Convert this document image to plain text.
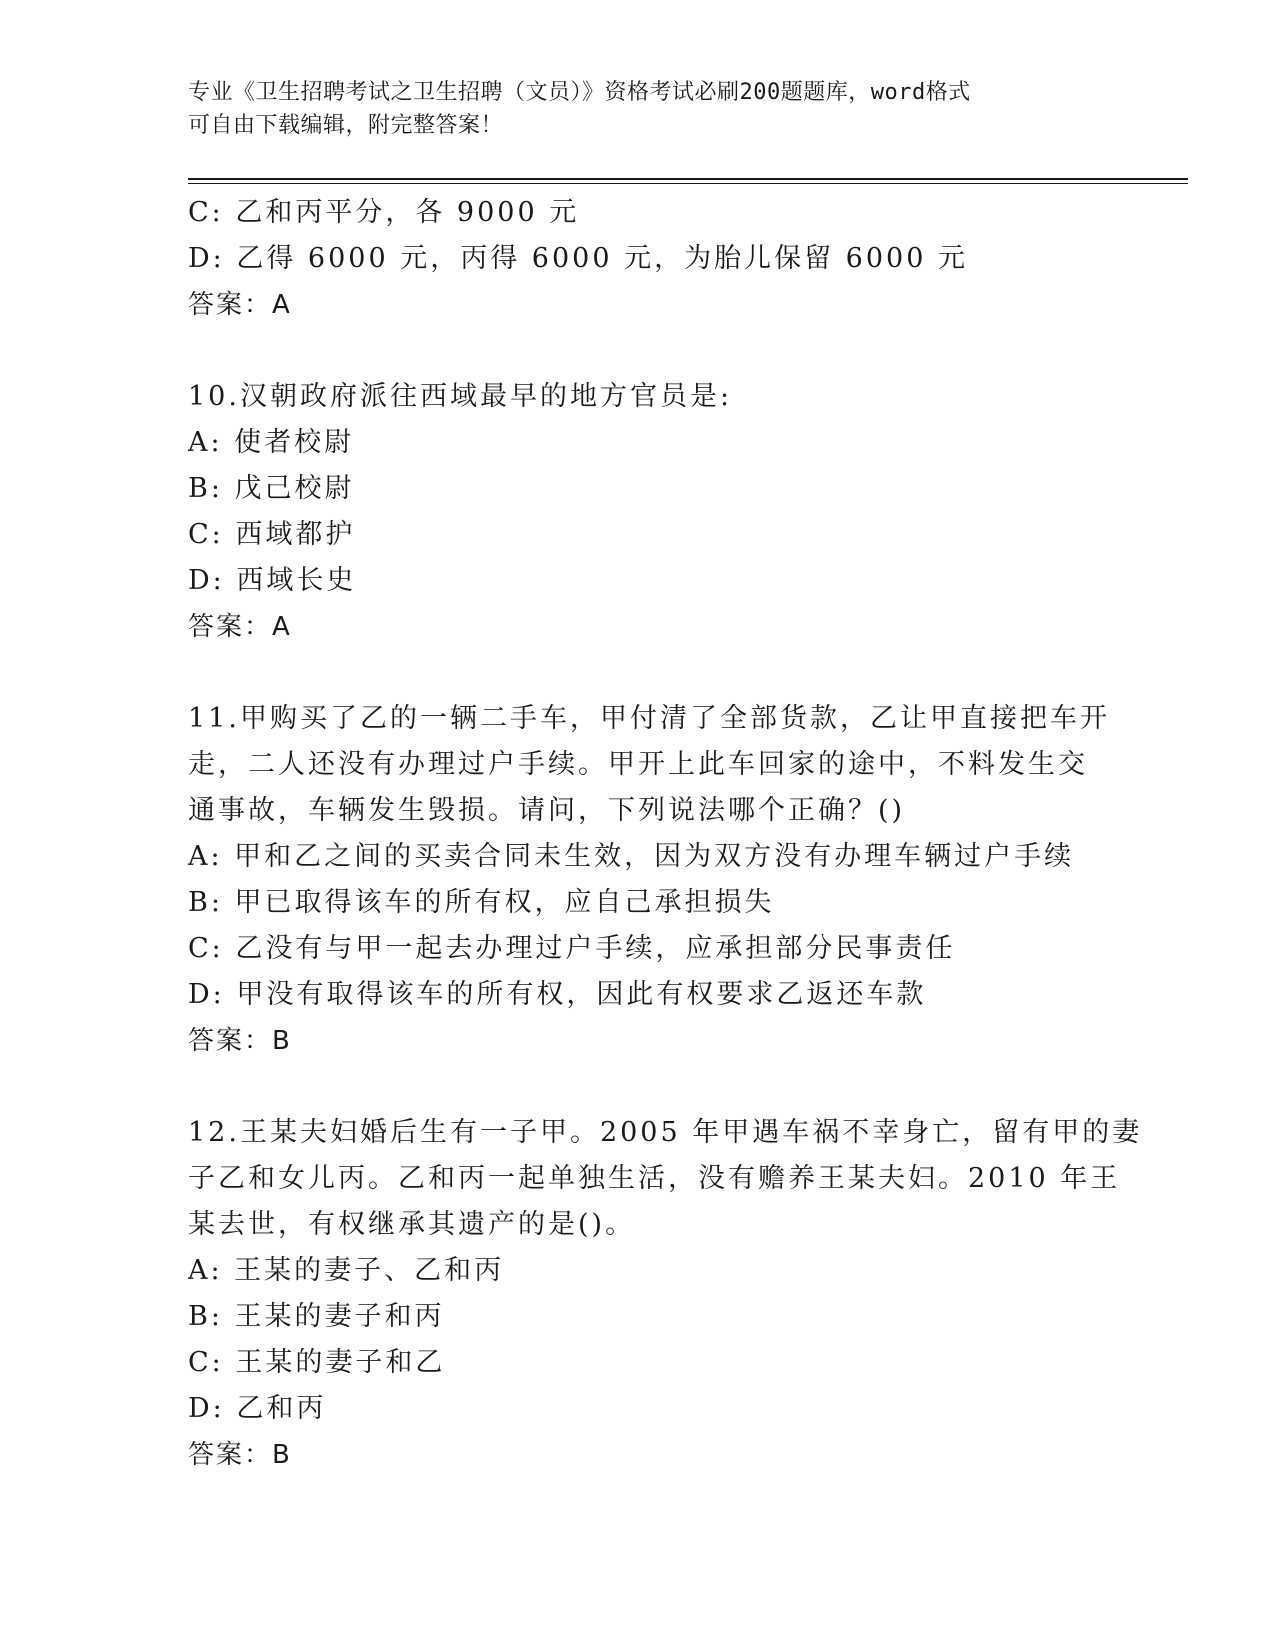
专业《卫生招聘考试之卫生招聘（文员）》资格考试必刷200题题库，word格式
可自由下载编辑，附完整答案！
C: 乙和丙平分，各 9000 元
D: 乙得 6000 元，丙得 6000 元，为胎儿保留 6000 元
答案：A
10.汉朝政府派往西域最早的地方官员是:
A: 使者校尉
B: 戊己校尉
C: 西域都护
D: 西域长史
答案：A
11.甲购买了乙的一辆二手车，甲付清了全部货款，乙让甲直接把车开
走，二人还没有办理过户手续。甲开上此车回家的途中，不料发生交
通事故，车辆发生毁损。请问，下列说法哪个正确？()
A: 甲和乙之间的买卖合同未生效，因为双方没有办理车辆过户手续
B: 甲已取得该车的所有权，应自己承担损失
C: 乙没有与甲一起去办理过户手续，应承担部分民事责任
D: 甲没有取得该车的所有权，因此有权要求乙返还车款
答案：B
12.王某夫妇婚后生有一子甲。2005 年甲遇车祸不幸身亡，留有甲的妻
子乙和女儿丙。乙和丙一起单独生活，没有赡养王某夫妇。2010 年王
某去世，有权继承其遗产的是()。
A: 王某的妻子、乙和丙
B: 王某的妻子和丙
C: 王某的妻子和乙
D: 乙和丙
答案：B
